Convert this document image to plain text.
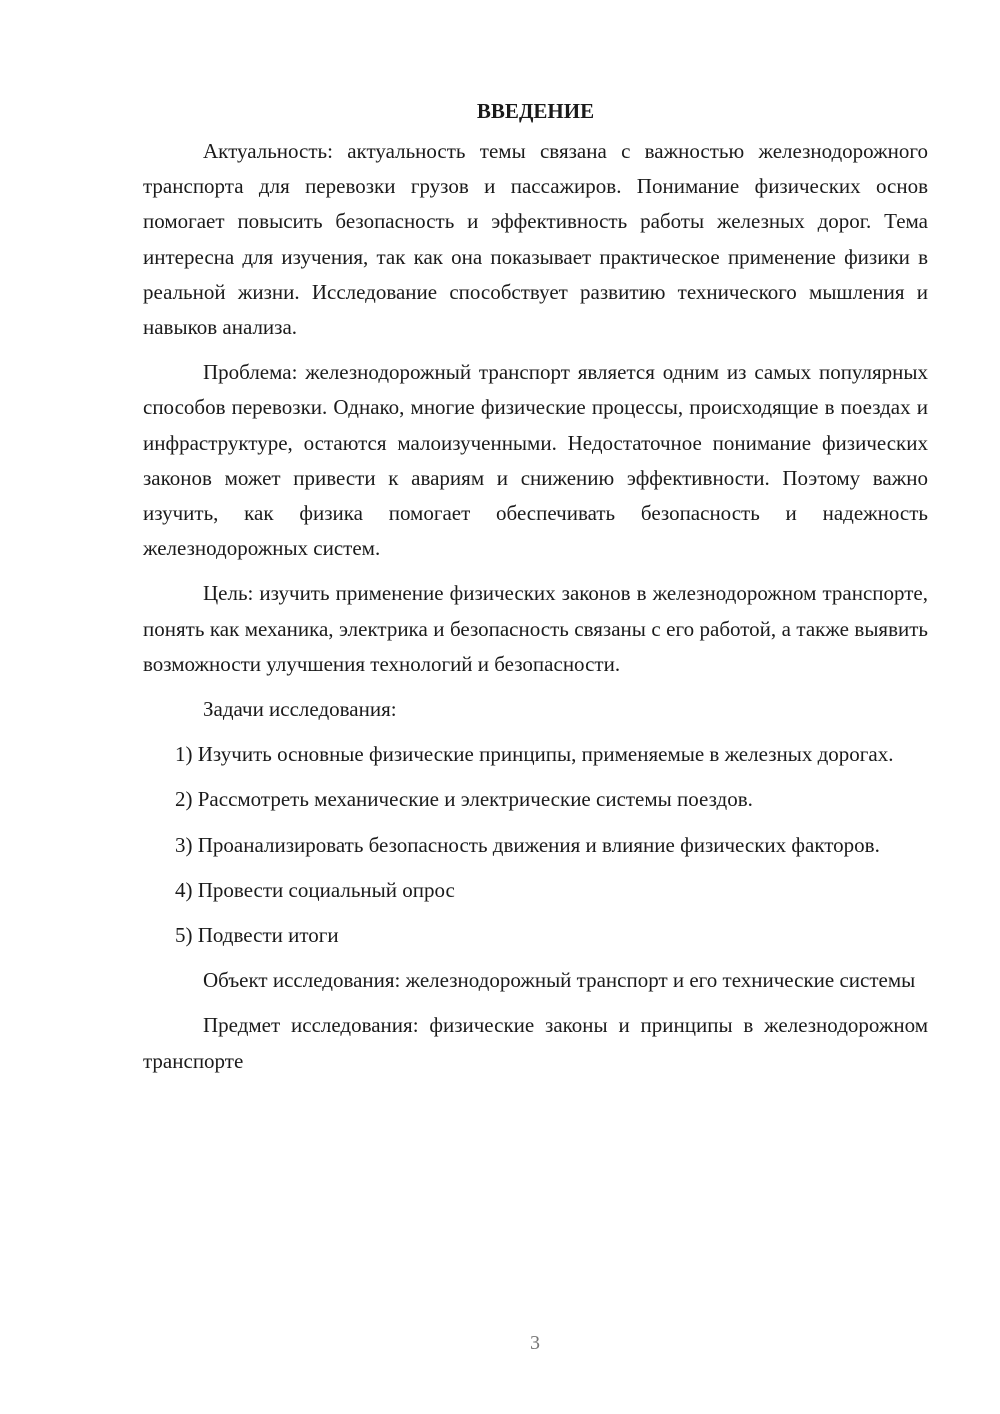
ВВЕДЕНИЕ

Актуальность: актуальность темы связана с важностью железнодорожного транспорта для перевозки грузов и пассажиров. Понимание физических основ помогает повысить безопасность и эффективность работы железных дорог. Тема интересна для изучения, так как она показывает практическое применение физики в реальной жизни. Исследование способствует развитию технического мышления и навыков анализа.

Проблема: железнодорожный транспорт является одним из самых популярных способов перевозки. Однако, многие физические процессы, происходящие в поездах и инфраструктуре, остаются малоизученными. Недостаточное понимание физических законов может привести к авариям и снижению эффективности. Поэтому важно изучить, как физика помогает обеспечивать безопасность и надежность железнодорожных систем.

Цель: изучить применение физических законов в железнодорожном транспорте, понять как механика, электрика и безопасность связаны с его работой, а также выявить возможности улучшения технологий и безопасности.

Задачи исследования:

1) Изучить основные физические принципы, применяемые в железных дорогах.

2) Рассмотреть механические и электрические системы поездов.

3) Проанализировать безопасность движения и влияние физических факторов.

4) Провести социальный опрос

5) Подвести итоги

Объект исследования: железнодорожный транспорт и его технические системы

Предмет исследования: физические законы и принципы в железнодорожном транспорте

3
